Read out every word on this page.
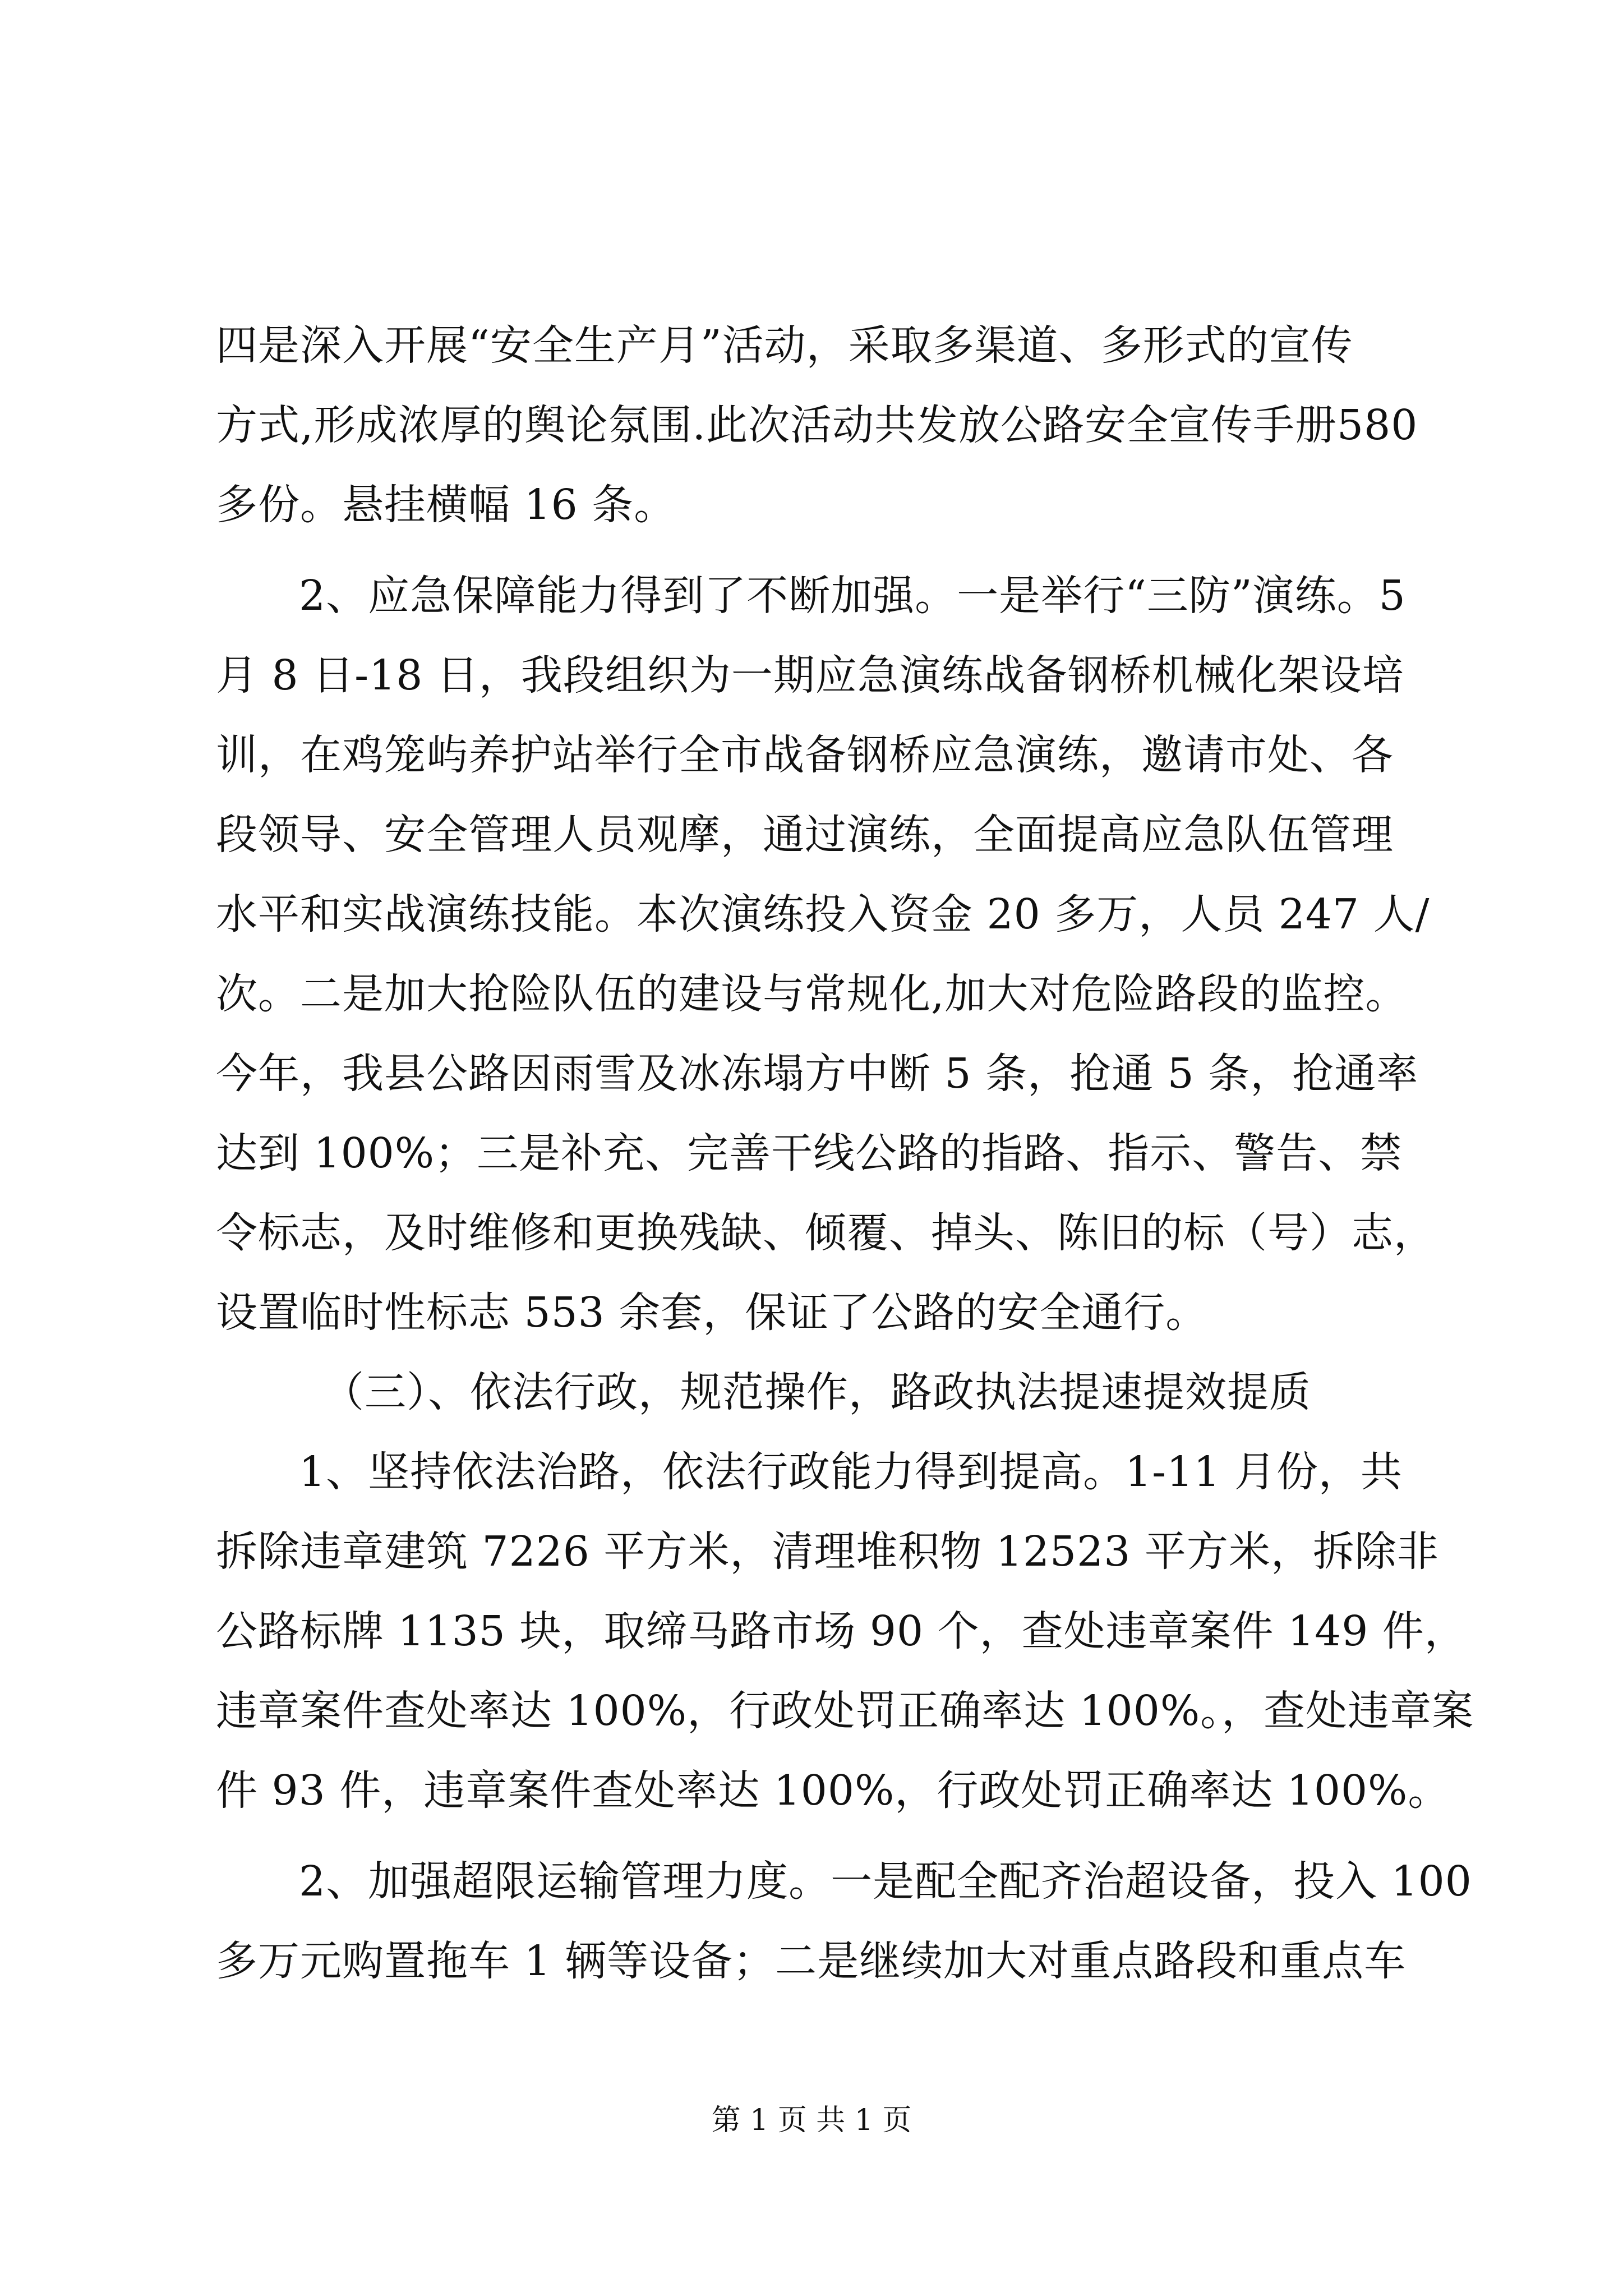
四是深入开展“安全生产月”活动，采取多渠道、多形式的宣传
方式,形成浓厚的舆论氛围.此次活动共发放公路安全宣传手册580
多份。悬挂横幅 16 条。
2、应急保障能力得到了不断加强。一是举行“三防”演练。5
月 8 日-18 日，我段组织为一期应急演练战备钢桥机械化架设培
训，在鸡笼屿养护站举行全市战备钢桥应急演练，邀请市处、各
段领导、安全管理人员观摩，通过演练，全面提高应急队伍管理
水平和实战演练技能。本次演练投入资金 20 多万，人员 247 人/
次。二是加大抢险队伍的建设与常规化,加大对危险路段的监控。
今年，我县公路因雨雪及冰冻塌方中断 5 条，抢通 5 条，抢通率
达到 100%；三是补充、完善干线公路的指路、指示、警告、禁
令标志，及时维修和更换残缺、倾覆、掉头、陈旧的标（号）志，
设置临时性标志 553 余套，保证了公路的安全通行。
（三）、依法行政，规范操作，路政执法提速提效提质
1、坚持依法治路，依法行政能力得到提高。1-11 月份，共
拆除违章建筑 7226 平方米，清理堆积物 12523 平方米，拆除非
公路标牌 1135 块，取缔马路市场 90 个，查处违章案件 149 件，
违章案件查处率达 100%，行政处罚正确率达 100%。，查处违章案
件 93 件，违章案件查处率达 100%，行政处罚正确率达 100%。
2、加强超限运输管理力度。一是配全配齐治超设备，投入 100
多万元购置拖车 1 辆等设备；二是继续加大对重点路段和重点车
第 1 页 共 1 页
